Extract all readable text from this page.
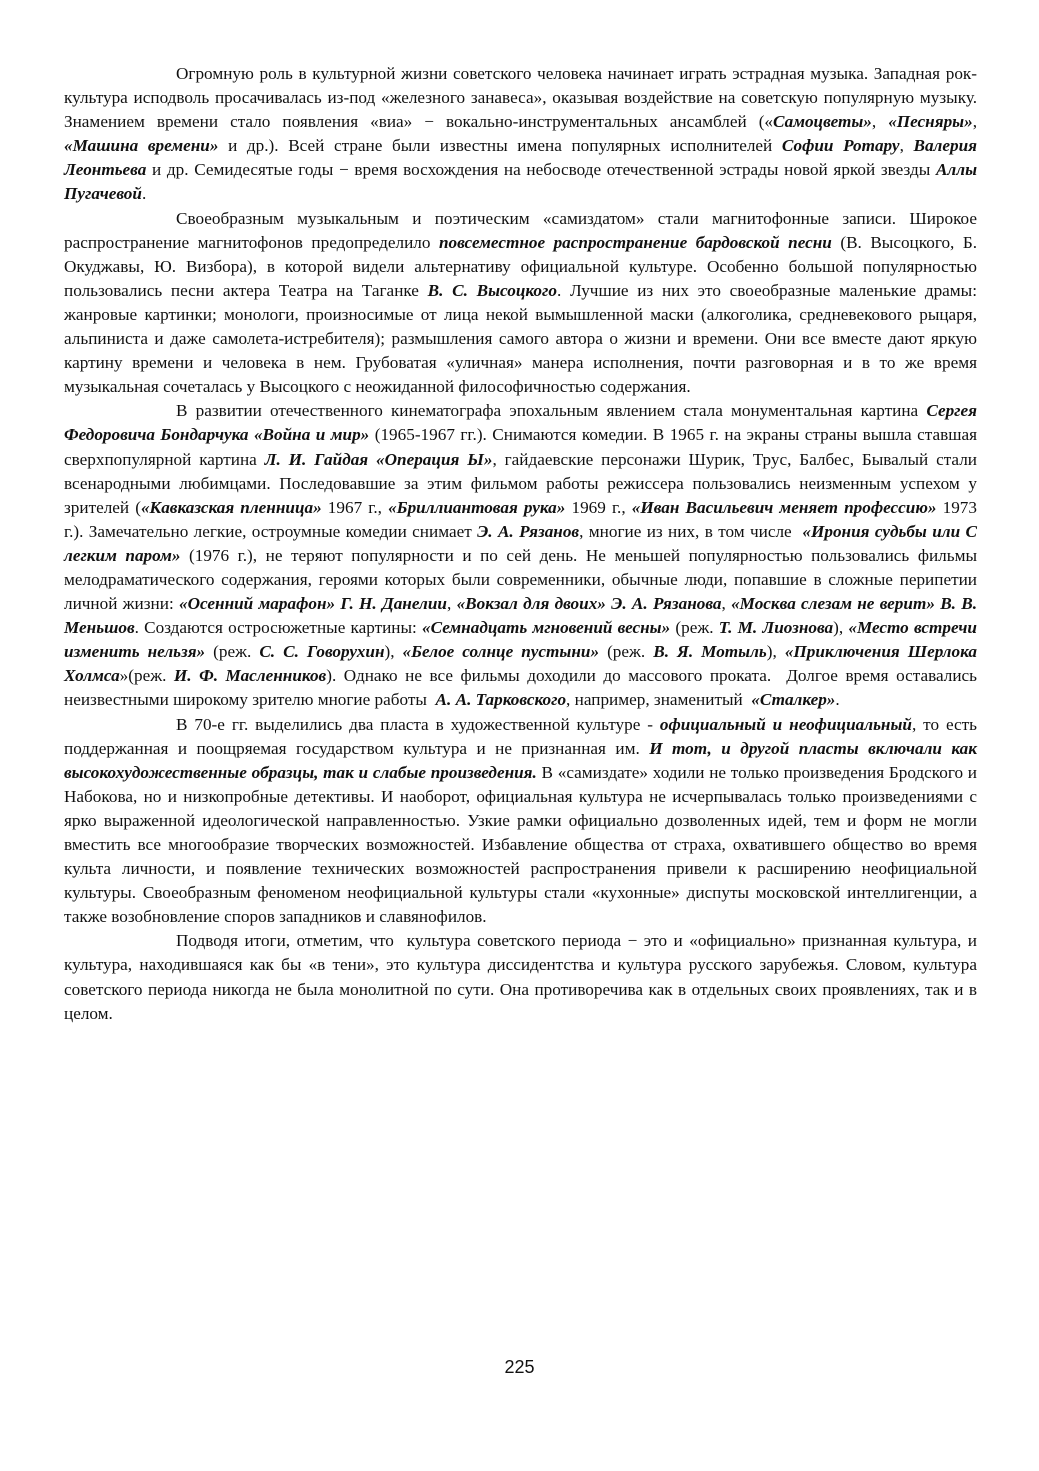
Огромную роль в культурной жизни советского человека начинает играть эстрадная музыка. Западная рок-культура исподволь просачивалась из-под «железного занавеса», оказывая воздействие на советскую популярную музыку. Знамением времени стало появления «виа» − вокально-инструментальных ансамблей («Самоцветы», «Песняры», «Машина времени» и др.). Всей стране были известны имена популярных исполнителей Софии Ротару, Валерия Леонтьева и др. Семидесятые годы − время восхождения на небосводе отечественной эстрады новой яркой звезды Аллы Пугачевой.

Своеобразным музыкальным и поэтическим «самиздатом» стали магнитофонные записи. Широкое распространение магнитофонов предопределило повсеместное распространение бардовской песни (В. Высоцкого, Б. Окуджавы, Ю. Визбора), в которой видели альтернативу официальной культуре. Особенно большой популярностью пользовались песни актера Театра на Таганке В. С. Высоцкого. Лучшие из них это своеобразные маленькие драмы: жанровые картинки; монологи, произносимые от лица некой вымышленной маски (алкоголика, средневекового рыцаря, альпиниста и даже самолета-истребителя); размышления самого автора о жизни и времени. Они все вместе дают яркую картину времени и человека в нем. Грубоватая «уличная» манера исполнения, почти разговорная и в то же время музыкальная сочеталась у Высоцкого с неожиданной философичностью содержания.

В развитии отечественного кинематографа эпохальным явлением стала монументальная картина Сергея Федоровича Бондарчука «Война и мир» (1965-1967 гг.). Снимаются комедии. В 1965 г. на экраны страны вышла ставшая сверхпопулярной картина Л. И. Гайдая «Операция Ы», гайдаевские персонажи Шурик, Трус, Балбес, Бывалый стали всенародными любимцами. Последовавшие за этим фильмом работы режиссера пользовались неизменным успехом у зрителей («Кавказская пленница» 1967 г., «Бриллиантовая рука» 1969 г., «Иван Васильевич меняет профессию» 1973 г.). Замечательно легкие, остроумные комедии снимает Э. А. Рязанов, многие из них, в том числе  «Ирония судьбы или С легким паром» (1976 г.), не теряют популярности и по сей день. Не меньшей популярностью пользовались фильмы мелодраматического содержания, героями которых были современники, обычные люди, попавшие в сложные перипетии личной жизни: «Осенний марафон» Г. Н. Данелии, «Вокзал для двоих» Э. А. Рязанова, «Москва слезам не верит» В. В. Меньшов. Создаются остросюжетные картины: «Семнадцать мгновений весны» (реж. Т. М. Лиознова), «Место встречи изменить нельзя» (реж. С. С. Говорухин), «Белое солнце пустыни» (реж. В. Я. Мотыль), «Приключения Шерлока Холмса»(реж. И. Ф. Масленников). Однако не все фильмы доходили до массового проката.  Долгое время оставались неизвестными широкому зрителю многие работы  А. А. Тарковского, например, знаменитый  «Сталкер».

В 70-е гг. выделились два пласта в художественной культуре - официальный и неофициальный, то есть поддержанная и поощряемая государством культура и не признанная им. И тот, и другой пласты включали как высокохудожественные образцы, так и слабые произведения. В «самиздате» ходили не только произведения Бродского и Набокова, но и низкопробные детективы. И наоборот, официальная культура не исчерпывалась только произведениями с ярко выраженной идеологической направленностью. Узкие рамки официально дозволенных идей, тем и форм не могли вместить все многообразие творческих возможностей. Избавление общества от страха, охватившего общество во время культа личности, и появление технических возможностей распространения привели к расширению неофициальной культуры. Своеобразным феноменом неофициальной культуры стали «кухонные» диспуты московской интеллигенции, а также возобновление споров западников и славянофилов.

Подводя итоги, отметим, что  культура советского периода − это и «официально» признанная культура, и культура, находившаяся как бы «в тени», это культура диссидентства и культура русского зарубежья. Словом, культура советского периода никогда не была монолитной по сути. Она противоречива как в отдельных своих проявлениях, так и в целом.

225
